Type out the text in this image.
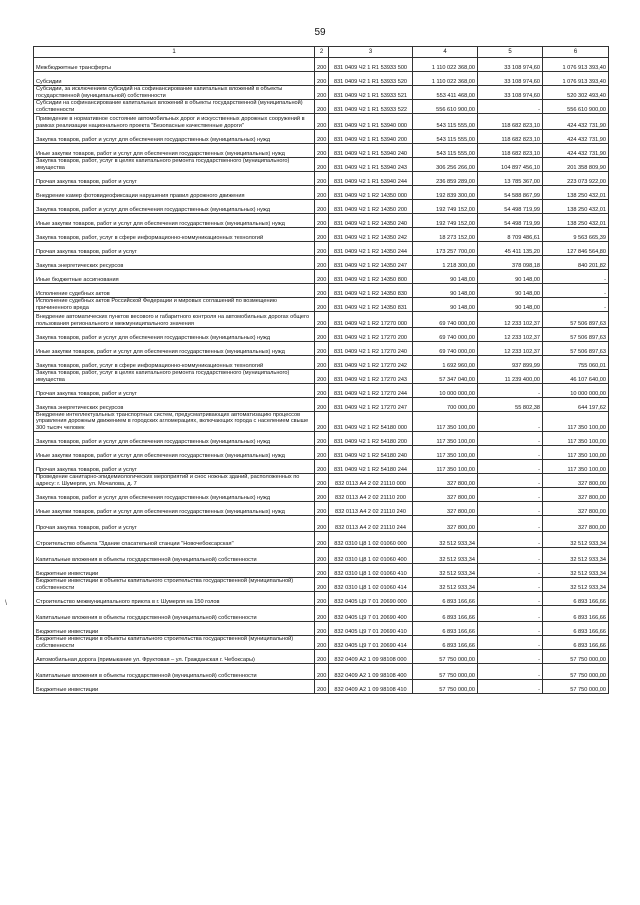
59
\
1	2	3	4	5	6
Межбюджетные трансферты	200	831 0409 Ч2 1 R1 53933 500	1 110 022 368,00	33 108 974,60	1 076 913 393,40
Субсидии	200	831 0409 Ч2 1 R1 53933 520	1 110 022 368,00	33 108 974,60	1 076 913 393,40
Субсидии, за исключением субсидий на софинансирование капитальных вложений в объекты государственной (муниципальной) собственности	200	831 0409 Ч2 1 R1 53933 521	553 411 468,00	33 108 974,60	520 302 493,40
Субсидии на софинансирование капитальных вложений в объекты государственной (муниципальной) собственности	200	831 0409 Ч2 1 R1 53933 522	556 610 900,00	-	556 610 900,00
Приведение в нормативное состояние автомобильных дорог и искусственных дорожных сооружений в рамках реализации национального проекта "Безопасные качественные дороги"	200	831 0409 Ч2 1 R1 53940 000	543 115 555,00	118 682 823,10	424 432 731,90
Закупка товаров, работ и услуг для обеспечения государственных (муниципальных) нужд	200	831 0409 Ч2 1 R1 53940 200	543 115 555,00	118 682 823,10	424 432 731,90
Иные закупки товаров, работ и услуг для обеспечения государственных (муниципальных) нужд	200	831 0409 Ч2 1 R1 53940 240	543 115 555,00	118 682 823,10	424 432 731,90
Закупка товаров, работ, услуг в целях капитального ремонта государственного (муниципального) имущества	200	831 0409 Ч2 1 R1 53940 243	306 256 266,00	104 897 456,10	201 358 809,90
Прочая закупка товаров, работ и услуг	200	831 0409 Ч2 1 R1 53940 244	236 859 289,00	13 785 367,00	223 073 922,00
Внедрение камер фотовидеофиксации нарушения правил дорожного движения	200	831 0409 Ч2 1 R2 14350 000	192 839 300,00	54 588 867,99	138 250 432,01
Закупка товаров, работ и услуг для обеспечения государственных (муниципальных) нужд	200	831 0409 Ч2 1 R2 14350 200	192 749 152,00	54 498 719,99	138 250 432,01
Иные закупки товаров, работ и услуг для обеспечения государственных (муниципальных) нужд	200	831 0409 Ч2 1 R2 14350 240	192 749 152,00	54 498 719,99	138 250 432,01
Закупка товаров, работ, услуг в сфере информационно-коммуникационных технологий	200	831 0409 Ч2 1 R2 14350 242	18 273 152,00	8 709 486,61	9 563 665,39
Прочая закупка товаров, работ и услуг	200	831 0409 Ч2 1 R2 14350 244	173 257 700,00	45 411 135,20	127 846 564,80
Закупка энергетических ресурсов	200	831 0409 Ч2 1 R2 14350 247	1 218 300,00	378 098,18	840 201,82
Иные бюджетные ассигнования	200	831 0409 Ч2 1 R2 14350 800	90 148,00	90 148,00	-
Исполнение судебных актов	200	831 0409 Ч2 1 R2 14350 830	90 148,00	90 148,00	-
Исполнение судебных актов Российской Федерации и мировых соглашений по возмещению причиненного вреда	200	831 0409 Ч2 1 R2 14350 831	90 148,00	90 148,00	-
Внедрение автоматических пунктов весового и габаритного контроля на автомобильных дорогах общего пользования регионального и межмуниципального значения	200	831 0409 Ч2 1 R2 17270 000	69 740 000,00	12 233 102,37	57 506 897,63
Закупка товаров, работ и услуг для обеспечения государственных (муниципальных) нужд	200	831 0409 Ч2 1 R2 17270 200	69 740 000,00	12 233 102,37	57 506 897,63
Иные закупки товаров, работ и услуг для обеспечения государственных (муниципальных) нужд	200	831 0409 Ч2 1 R2 17270 240	69 740 000,00	12 233 102,37	57 506 897,63
Закупка товаров, работ, услуг в сфере информационно-коммуникационных технологий	200	831 0409 Ч2 1 R2 17270 242	1 692 960,00	937 899,99	755 060,01
Закупка товаров, работ, услуг в целях капитального ремонта государственного (муниципального) имущества	200	831 0409 Ч2 1 R2 17270 243	57 347 040,00	11 239 400,00	46 107 640,00
Прочая закупка товаров, работ и услуг	200	831 0409 Ч2 1 R2 17270 244	10 000 000,00	-	10 000 000,00
Закупка энергетических ресурсов	200	831 0409 Ч2 1 R2 17270 247	700 000,00	55 802,38	644 197,62
Внедрение интеллектуальных транспортных систем, предусматривающих автоматизацию процессов управления дорожным движением в городских агломерациях, включающих города с населением свыше 300 тысяч человек	200	831 0409 Ч2 1 R2 54180 000	117 350 100,00	-	117 350 100,00
Закупка товаров, работ и услуг для обеспечения государственных (муниципальных) нужд	200	831 0409 Ч2 1 R2 54180 200	117 350 100,00	-	117 350 100,00
Иные закупки товаров, работ и услуг для обеспечения государственных (муниципальных) нужд	200	831 0409 Ч2 1 R2 54180 240	117 350 100,00	-	117 350 100,00
Прочая закупка товаров, работ и услуг	200	831 0409 Ч2 1 R2 54180 244	117 350 100,00	-	117 350 100,00
Проведение санитарно-эпидемиологических мероприятий и снос ножных зданий, расположенных по адресу: г. Шумерля, ул. Мочалова, д. 7	200	832 0113 А4 2 02 21110 000	327 800,00	-	327 800,00
Закупка товаров, работ и услуг для обеспечения государственных (муниципальных) нужд	200	832 0113 А4 2 02 21110 200	327 800,00	-	327 800,00
Иные закупки товаров, работ и услуг для обеспечения государственных (муниципальных) нужд	200	832 0113 А4 2 02 21110 240	327 800,00	-	327 800,00
Прочая закупка товаров, работ и услуг	200	832 0113 А4 2 02 21110 244	327 800,00	-	327 800,00
Строительство объекта "Здание спасательной станции "Новочебоксарская"	200	832 0310 Ц8 1 02 01060 000	32 512 933,34	-	32 512 933,34
Капитальные вложения в объекты государственной (муниципальной) собственности	200	832 0310 Ц8 1 02 01060 400	32 512 933,34	-	32 512 933,34
Бюджетные инвестиции	200	832 0310 Ц8 1 02 01060 410	32 512 933,34	-	32 512 933,34
Бюджетные инвестиции в объекты капитального строительства государственной (муниципальной) собственности	200	832 0310 Ц8 1 02 01060 414	32 512 933,34	-	32 512 933,34
Строительство межмуниципального приюта в г. Шумерля на 150 голов	200	832 0405 Ц9 7 01 20690 000	6 893 166,66	-	6 893 166,66
Капитальные вложения в объекты государственной (муниципальной) собственности	200	832 0405 Ц9 7 01 20690 400	6 893 166,66	-	6 893 166,66
Бюджетные инвестиции	200	832 0405 Ц9 7 01 20690 410	6 893 166,66	-	6 893 166,66
Бюджетные инвестиции в объекты капитального строительства государственной (муниципальной) собственности	200	832 0405 Ц9 7 01 20690 414	6 893 166,66	-	6 893 166,66
Автомобильная дорога (примыкание ул. Фруктовая – ул. Гражданская г. Чебоксары)	200	832 0409 А2 1 09 98108 000	57 750 000,00	-	57 750 000,00
Капитальные вложения в объекты государственной (муниципальной) собственности	200	832 0409 А2 1 09 98108 400	57 750 000,00	-	57 750 000,00
Бюджетные инвестиции	200	832 0409 А2 1 09 98108 410	57 750 000,00	-	57 750 000,00
